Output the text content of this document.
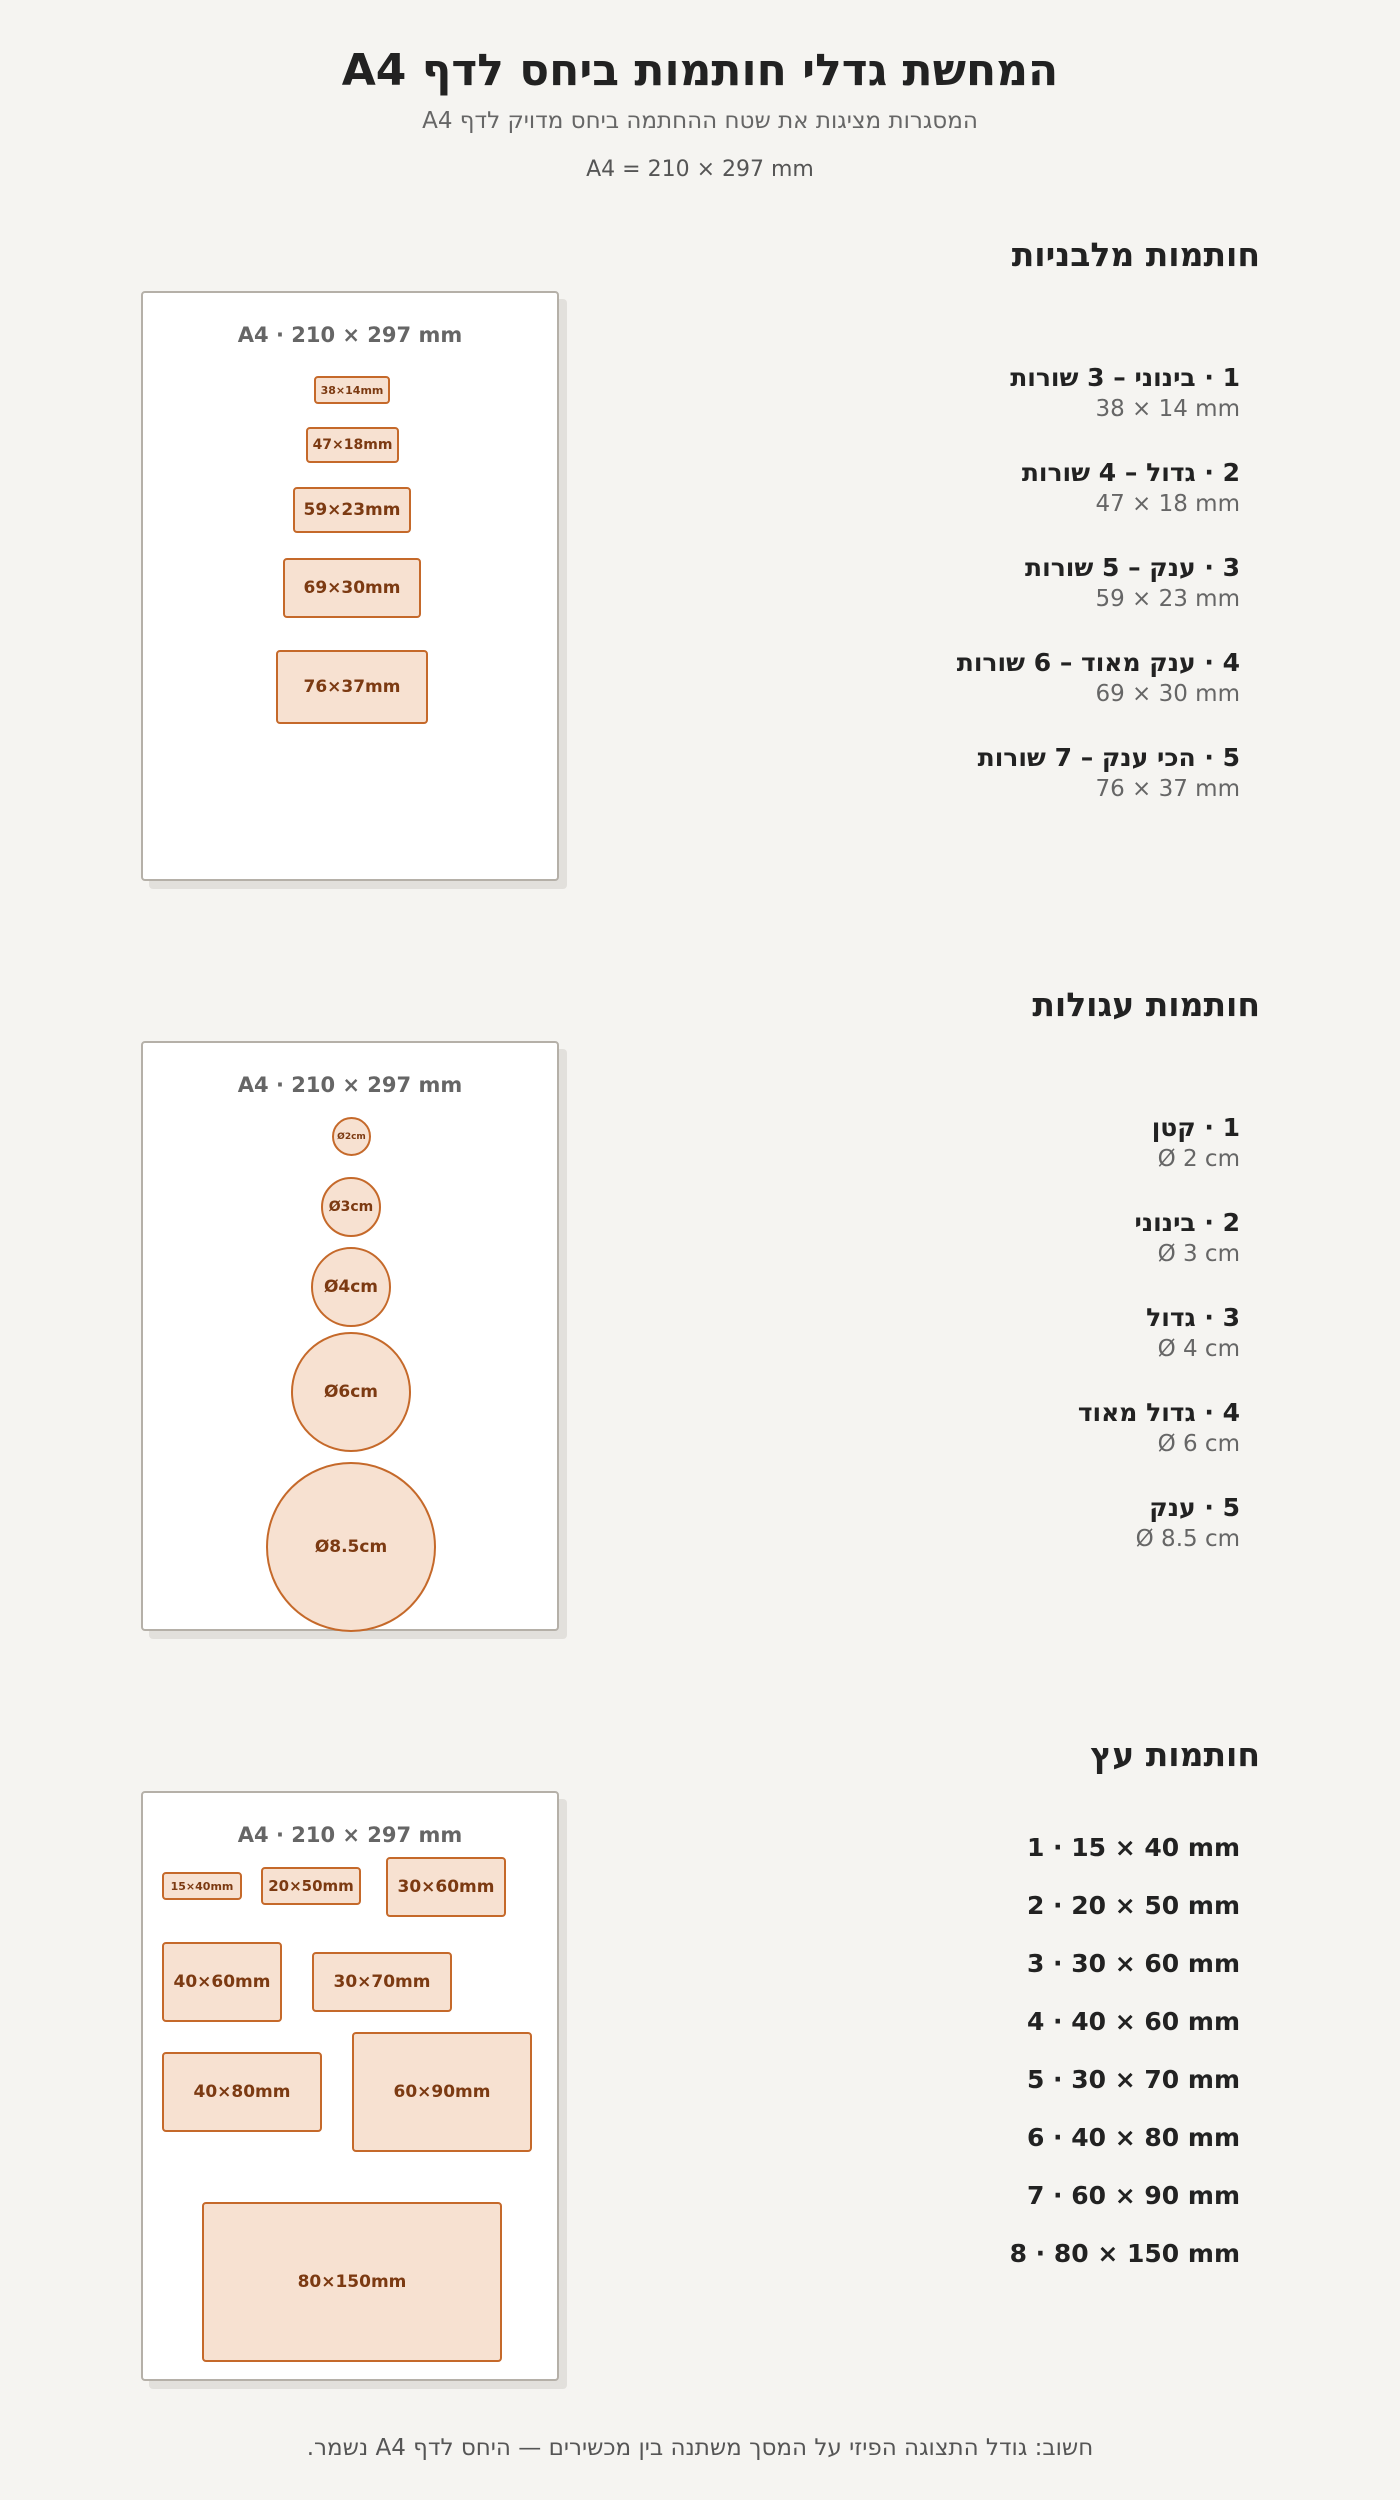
המחשת גדלי חותמות ביחס לדף A4
המסגרות מציגות את שטח ההחתמה ביחס מדויק לדף A4
A4 = 210 × 297 mm
חותמות מלבניות
A4 · 210 × 297 mm
38×14mm
47×18mm
59×23mm
69×30mm
76×37mm
1 · בינוני – 3 שורות
38 × 14 mm
2 · גדול – 4 שורות
47 × 18 mm
3 · ענק – 5 שורות
59 × 23 mm
4 · ענק מאוד – 6 שורות
69 × 30 mm
5 · הכי ענק – 7 שורות
76 × 37 mm
חותמות עגולות
A4 · 210 × 297 mm
Ø2cm
Ø3cm
Ø4cm
Ø6cm
Ø8.5cm
1 · קטן
Ø 2 cm
2 · בינוני
Ø 3 cm
3 · גדול
Ø 4 cm
4 · גדול מאוד
Ø 6 cm
5 · ענק
Ø 8.5 cm
חותמות עץ
A4 · 210 × 297 mm
15×40mm	20×50mm	30×60mm
40×60mm	30×70mm
40×80mm	60×90mm
80×150mm
1 · 15 × 40 mm
2 · 20 × 50 mm
3 · 30 × 60 mm
4 · 40 × 60 mm
5 · 30 × 70 mm
6 · 40 × 80 mm
7 · 60 × 90 mm
8 · 80 × 150 mm
חשוב: גודל התצוגה הפיזי על המסך משתנה בין מכשירים — היחס לדף A4 נשמר.
